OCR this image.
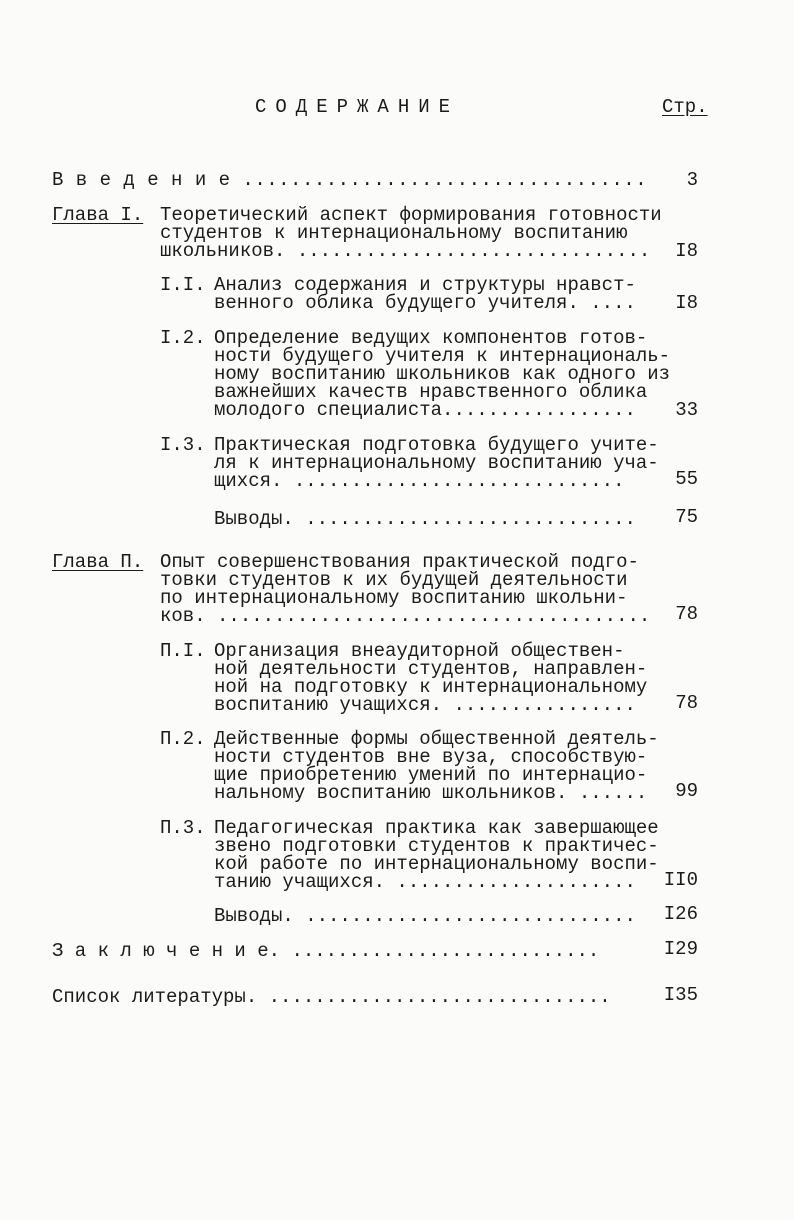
СОДЕРЖАНИЕ	Стр.
В в е д е н и е ..................................	3
Глава I. Теоретический аспект формирования готовности
студентов к интернациональному воспитанию
школьников. ...............................	I8
I.I. Анализ содержания и структуры нравст-
венного облика будущего учителя. ....	I8
I.2. Определение ведущих компонентов готов-
ности будущего учителя к интернациональ-
ному воспитанию школьников как одного из
важнейших качеств нравственного облика
молодого специалиста.................	33
I.3. Практическая подготовка будущего учите-
ля к интернациональному воспитанию уча-
щихся. .............................	55
Выводы. .............................	75
Глава П. Опыт совершенствования практической подго-
товки студентов к их будущей деятельности
по интернациональному воспитанию школьни-
ков. ......................................	78
П.I. Организация внеаудиторной обществен-
ной деятельности студентов, направлен-
ной на подготовку к интернациональному
воспитанию учащихся. ................	78
П.2. Действенные формы общественной деятель-
ности студентов вне вуза, способствую-
щие приобретению умений по интернацио-
нальному воспитанию школьников. ......	99
П.3. Педагогическая практика как завершающее
звено подготовки студентов к практичес-
кой работе по интернациональному воспи-
танию учащихся. .....................	II0
Выводы. .............................	I26
З а к л ю ч е н и е. ...........................	I29
Список литературы. ..............................	I35
